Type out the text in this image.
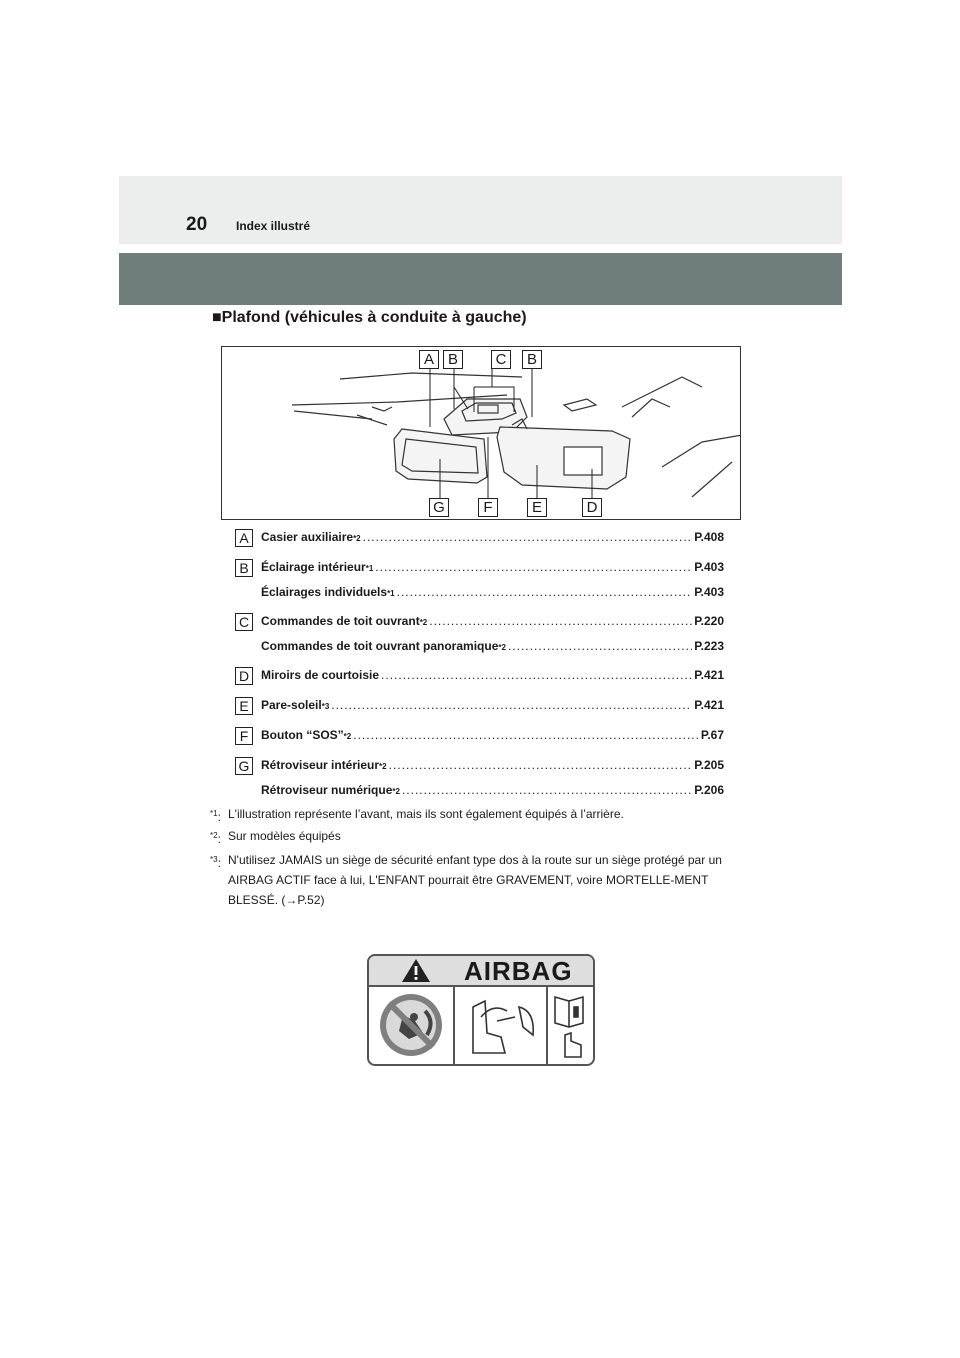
20 Index illustré
■Plafond (véhicules à conduite à gauche)
A B	C	B
G	F	E	D
A	Casier auxiliaire *2 .....	P.408
B	Éclairage intérieur *1 .....	P.403
Éclairages individuels *1 .....	P.403
C Commandes de toit ouvrant *2 .....	P.220
Commandes de toit ouvrant panoramique *2 .....	P.223
D Miroirs de courtoisie .....	P.421
E	Pare-soleil *3 .....	P.421
F	Bouton “SOS” *2 .....	P.67
G Rétroviseur intérieur *2 .....	P.205
Rétroviseur numérique *2 .....	P.206
$^{*1}$: L'illustration représente l’avant, mais ils sont également équipés à l’arrière.
$^{*2}$: Sur modèles équipés
$^{*3}$: N'utilisez JAMAIS un siège de sécurité enfant type dos à la route sur un siège protégé par un AIRBAG ACTIF face à lui, L'ENFANT pourrait être GRAVEMENT, voire MORTELLE-MENT BLESSÉ. (→P.52)
AIRBAG
